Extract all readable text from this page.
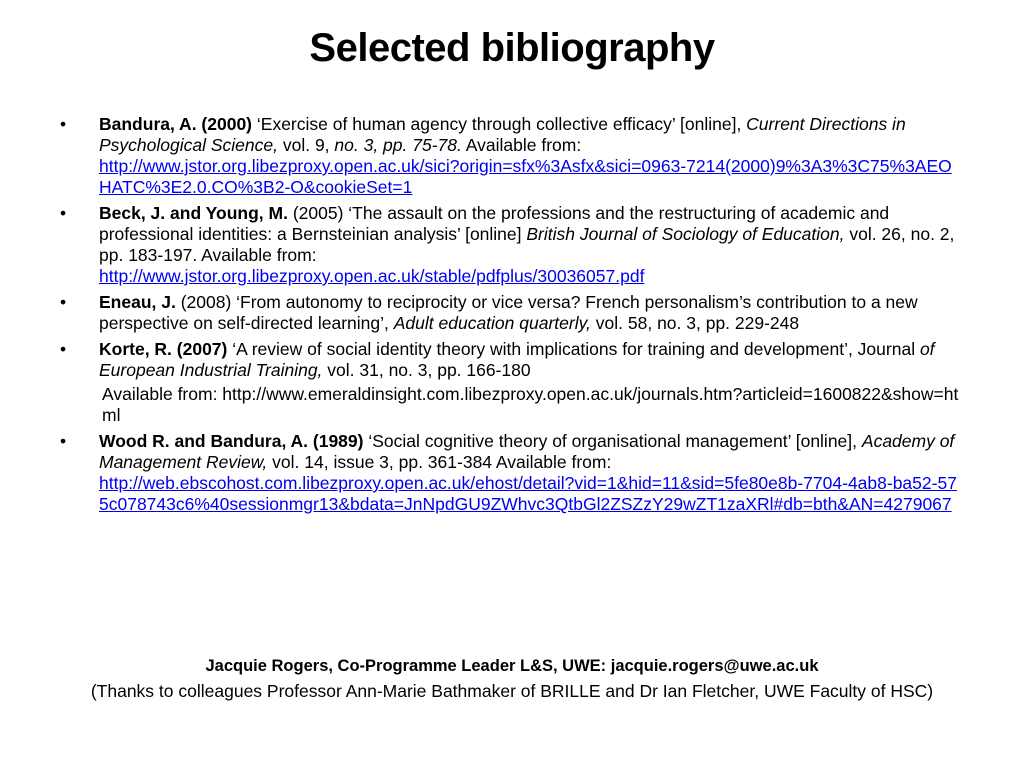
Selected bibliography
• Bandura, A. (2000) ‘Exercise of human agency through collective efficacy’ [online], Current Directions in Psychological Science, vol. 9, no. 3, pp. 75-78. Available from:
http://www.jstor.org.libezproxy.open.ac.uk/sici?origin=sfx%3Asfx&sici=0963-7214(2000)9%3A3%3C75%3AEOHATC%3E2.0.CO%3B2-O&cookieSet=1
• Beck, J. and Young, M. (2005) ‘The assault on the professions and the restructuring of academic and professional identities: a Bernsteinian analysis’ [online] British Journal of Sociology of Education, vol. 26, no. 2, pp. 183-197. Available from:
http://www.jstor.org.libezproxy.open.ac.uk/stable/pdfplus/30036057.pdf
• Eneau, J. (2008) ‘From autonomy to reciprocity or vice versa? French personalism’s contribution to a new perspective on self-directed learning’, Adult education quarterly, vol. 58, no. 3, pp. 229-248
• Korte, R. (2007) ‘A review of social identity theory with implications for training and development’, Journal of European Industrial Training, vol. 31, no. 3, pp. 166-180
Available from: http://www.emeraldinsight.com.libezproxy.open.ac.uk/journals.htm?articleid=1600822&show=html
• Wood R. and Bandura, A. (1989) ‘Social cognitive theory of organisational management’ [online], Academy of Management Review, vol. 14, issue 3, pp. 361-384 Available from:
http://web.ebscohost.com.libezproxy.open.ac.uk/ehost/detail?vid=1&hid=11&sid=5fe80e8b-7704-4ab8-ba52-575c078743c6%40sessionmgr13&bdata=JnNpdGU9ZWhvc3QtbGl2ZSZzY29wZT1zaXRl#db=bth&AN=4279067
Jacquie Rogers, Co-Programme Leader L&S, UWE: jacquie.rogers@uwe.ac.uk
(Thanks to colleagues Professor Ann-Marie Bathmaker of BRILLE and Dr Ian Fletcher, UWE Faculty of HSC)
